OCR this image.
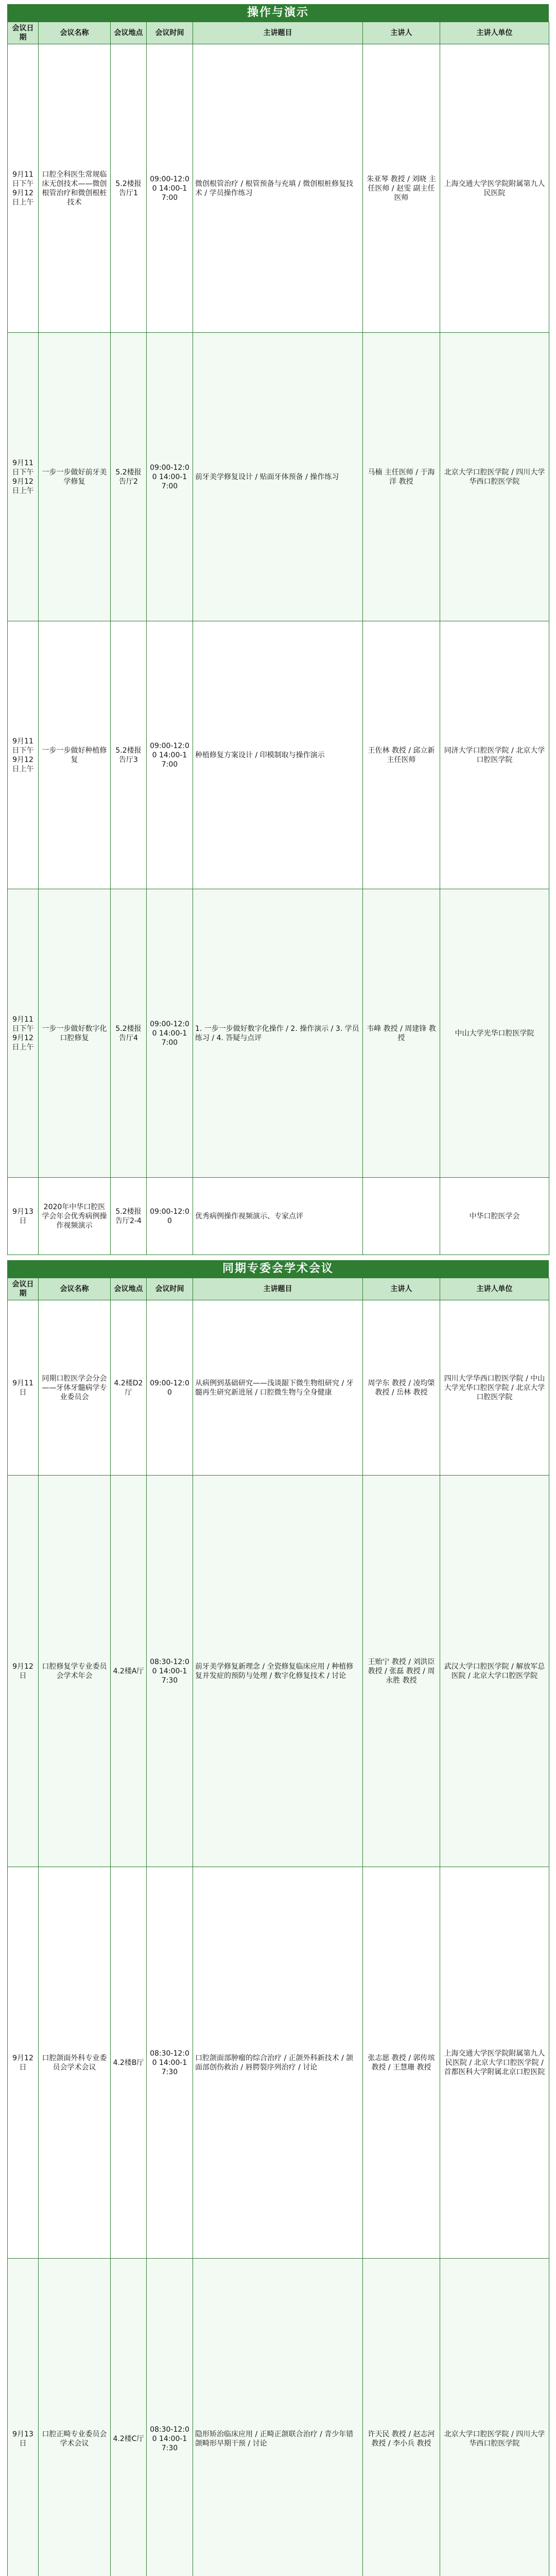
操作与演示
会议日期	会议名称	会议地点	会议时间	主讲题目	主讲人	主讲人单位
9月11日下午 9月12日上午	口腔全科医生常规临床无创技术——微创根管治疗和微创根桩技术	5.2楼报告厅1	09:00-12:00 14:00-17:00	微创根管治疗 / 根管预备与充填 / 微创根桩修复技术 / 学员操作练习	朱亚琴 教授 / 刘晓 主任医师 / 赵雯 副主任医师	上海交通大学医学院附属第九人民医院
9月11日下午 9月12日上午	一步一步做好前牙美学修复	5.2楼报告厅2	09:00-12:00 14:00-17:00	前牙美学修复设计 / 贴面牙体预备 / 操作练习	马楠 主任医师 / 于海洋 教授	北京大学口腔医学院 / 四川大学华西口腔医学院
9月11日下午 9月12日上午	一步一步做好种植修复	5.2楼报告厅3	09:00-12:00 14:00-17:00	种植修复方案设计 / 印模制取与操作演示	王佐林 教授 / 邱立新 主任医师	同济大学口腔医学院 / 北京大学口腔医学院
9月11日下午 9月12日上午	一步一步做好数字化口腔修复	5.2楼报告厅4	09:00-12:00 14:00-17:00	1. 一步一步做好数字化操作 / 2. 操作演示 / 3. 学员练习 / 4. 答疑与点评	韦峰 教授 / 周建锋 教授	中山大学光华口腔医学院
9月13日	2020年中华口腔医学会年会优秀病例操作视频演示	5.2楼报告厅2-4	09:00-12:00	优秀病例操作视频演示、专家点评		中华口腔医学会
同期专委会学术会议
会议日期	会议名称	会议地点	会议时间	主讲题目	主讲人	主讲人单位
9月11日	同期口腔医学会分会——牙体牙髓病学专业委员会	4.2楼D2厅	09:00-12:00	从病例到基础研究——浅谈龈下微生物组研究 / 牙髓再生研究新进展 / 口腔微生物与全身健康	周学东 教授 / 凌均棨 教授 / 岳林 教授	四川大学华西口腔医学院 / 中山大学光华口腔医学院 / 北京大学口腔医学院
9月12日	口腔修复学专业委员会学术年会	4.2楼A厅	08:30-12:00 14:00-17:30	前牙美学修复新理念 / 全瓷修复临床应用 / 种植修复并发症的预防与处理 / 数字化修复技术 / 讨论	王贻宁 教授 / 刘洪臣 教授 / 张磊 教授 / 周永胜 教授	武汉大学口腔医学院 / 解放军总医院 / 北京大学口腔医学院
9月12日	口腔颌面外科专业委员会学术会议	4.2楼B厅	08:30-12:00 14:00-17:30	口腔颌面部肿瘤的综合治疗 / 正颌外科新技术 / 颌面部创伤救治 / 唇腭裂序列治疗 / 讨论	张志愿 教授 / 郭传瑸 教授 / 王慧珊 教授	上海交通大学医学院附属第九人民医院 / 北京大学口腔医学院 / 首都医科大学附属北京口腔医院
9月13日	口腔正畸专业委员会学术会议	4.2楼C厅	08:30-12:00 14:00-17:30	隐形矫治临床应用 / 正畸正颌联合治疗 / 青少年错颌畸形早期干预 / 讨论	许天民 教授 / 赵志河 教授 / 李小兵 教授	北京大学口腔医学院 / 四川大学华西口腔医学院
